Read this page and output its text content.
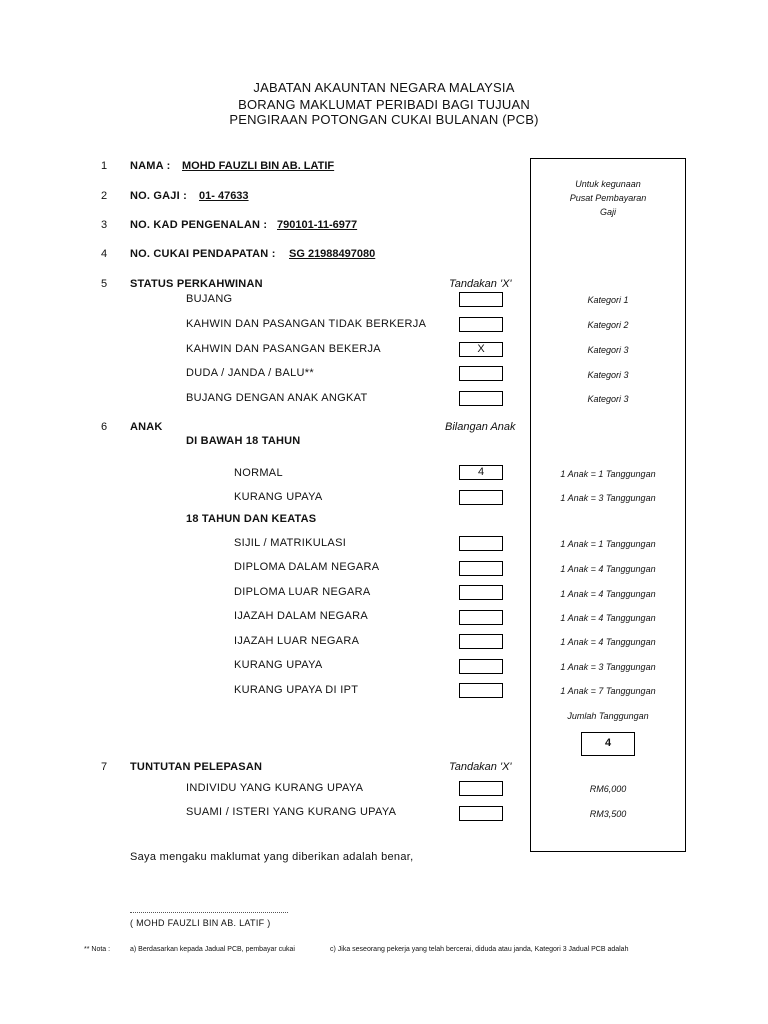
JABATAN AKAUNTAN NEGARA MALAYSIA
BORANG MAKLUMAT PERIBADI BAGI TUJUAN
PENGIRAAN POTONGAN CUKAI BULANAN (PCB)
Untuk kegunaan
Pusat Pembayaran
Gaji
1 NAMA : MOHD FAUZLI BIN AB. LATIF
2 NO. GAJI : 01- 47633
3 NO. KAD PENGENALAN : 790101-11-6977
4 NO. CUKAI PENDAPATAN : SG 21988497080
5 STATUS PERKAHWINAN	Tandakan 'X'
BUJANG	Kategori 1
KAHWIN DAN PASANGAN TIDAK BERKERJA	Kategori 2
KAHWIN DAN PASANGAN BEKERJA	X	Kategori 3
DUDA / JANDA / BALU**	Kategori 3
BUJANG DENGAN ANAK ANGKAT	Kategori 3
6 ANAK	Bilangan Anak
DI BAWAH 18 TAHUN
NORMAL	4	1 Anak = 1 Tanggungan
KURANG UPAYA	1 Anak = 3 Tanggungan
18 TAHUN DAN KEATAS
SIJIL / MATRIKULASI	1 Anak = 1 Tanggungan
DIPLOMA DALAM NEGARA	1 Anak = 4 Tanggungan
DIPLOMA LUAR NEGARA	1 Anak = 4 Tanggungan
IJAZAH DALAM NEGARA	1 Anak = 4 Tanggungan
IJAZAH LUAR NEGARA	1 Anak = 4 Tanggungan
KURANG UPAYA	1 Anak = 3 Tanggungan
KURANG UPAYA DI IPT	1 Anak = 7 Tanggungan
Jumlah Tanggungan
4
7 TUNTUTAN PELEPASAN	Tandakan 'X'
INDIVIDU YANG KURANG UPAYA	RM6,000
SUAMI / ISTERI YANG KURANG UPAYA	RM3,500
Saya mengaku maklumat yang diberikan adalah benar,
( MOHD FAUZLI BIN AB. LATIF )
** Nota :	a) Berdasarkan kepada Jadual PCB, pembayar cukai	c) Jika seseorang pekerja yang telah bercerai, diduda atau janda, Kategori 3 Jadual PCB adalah
